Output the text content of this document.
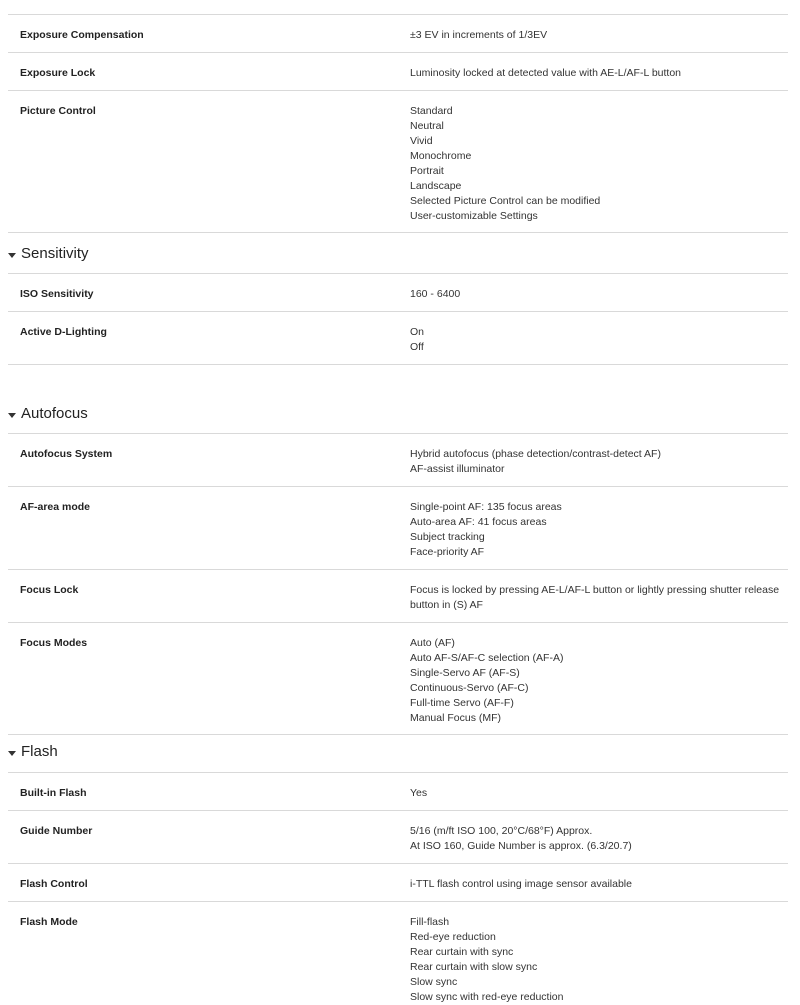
Exposure Compensation	±3 EV in increments of 1/3EV
Exposure Lock	Luminosity locked at detected value with AE-L/AF-L button
Picture Control	Standard
Neutral
Vivid
Monochrome
Portrait
Landscape
Selected Picture Control can be modified
User-customizable Settings
Sensitivity
ISO Sensitivity	160 - 6400
Active D-Lighting	On
Off
Autofocus
Autofocus System	Hybrid autofocus (phase detection/contrast-detect AF)
AF-assist illuminator
AF-area mode	Single-point AF: 135 focus areas
Auto-area AF: 41 focus areas
Subject tracking
Face-priority AF
Focus Lock	Focus is locked by pressing AE-L/AF-L button or lightly pressing shutter release button in (S) AF
Focus Modes	Auto (AF)
Auto AF-S/AF-C selection (AF-A)
Single-Servo AF (AF-S)
Continuous-Servo (AF-C)
Full-time Servo (AF-F)
Manual Focus (MF)
Flash
Built-in Flash	Yes
Guide Number	5/16 (m/ft ISO 100, 20°C/68°F) Approx.
At ISO 160, Guide Number is approx. (6.3/20.7)
Flash Control	i-TTL flash control using image sensor available
Flash Mode	Fill-flash
Red-eye reduction
Rear curtain with sync
Rear curtain with slow sync
Slow sync
Slow sync with red-eye reduction
